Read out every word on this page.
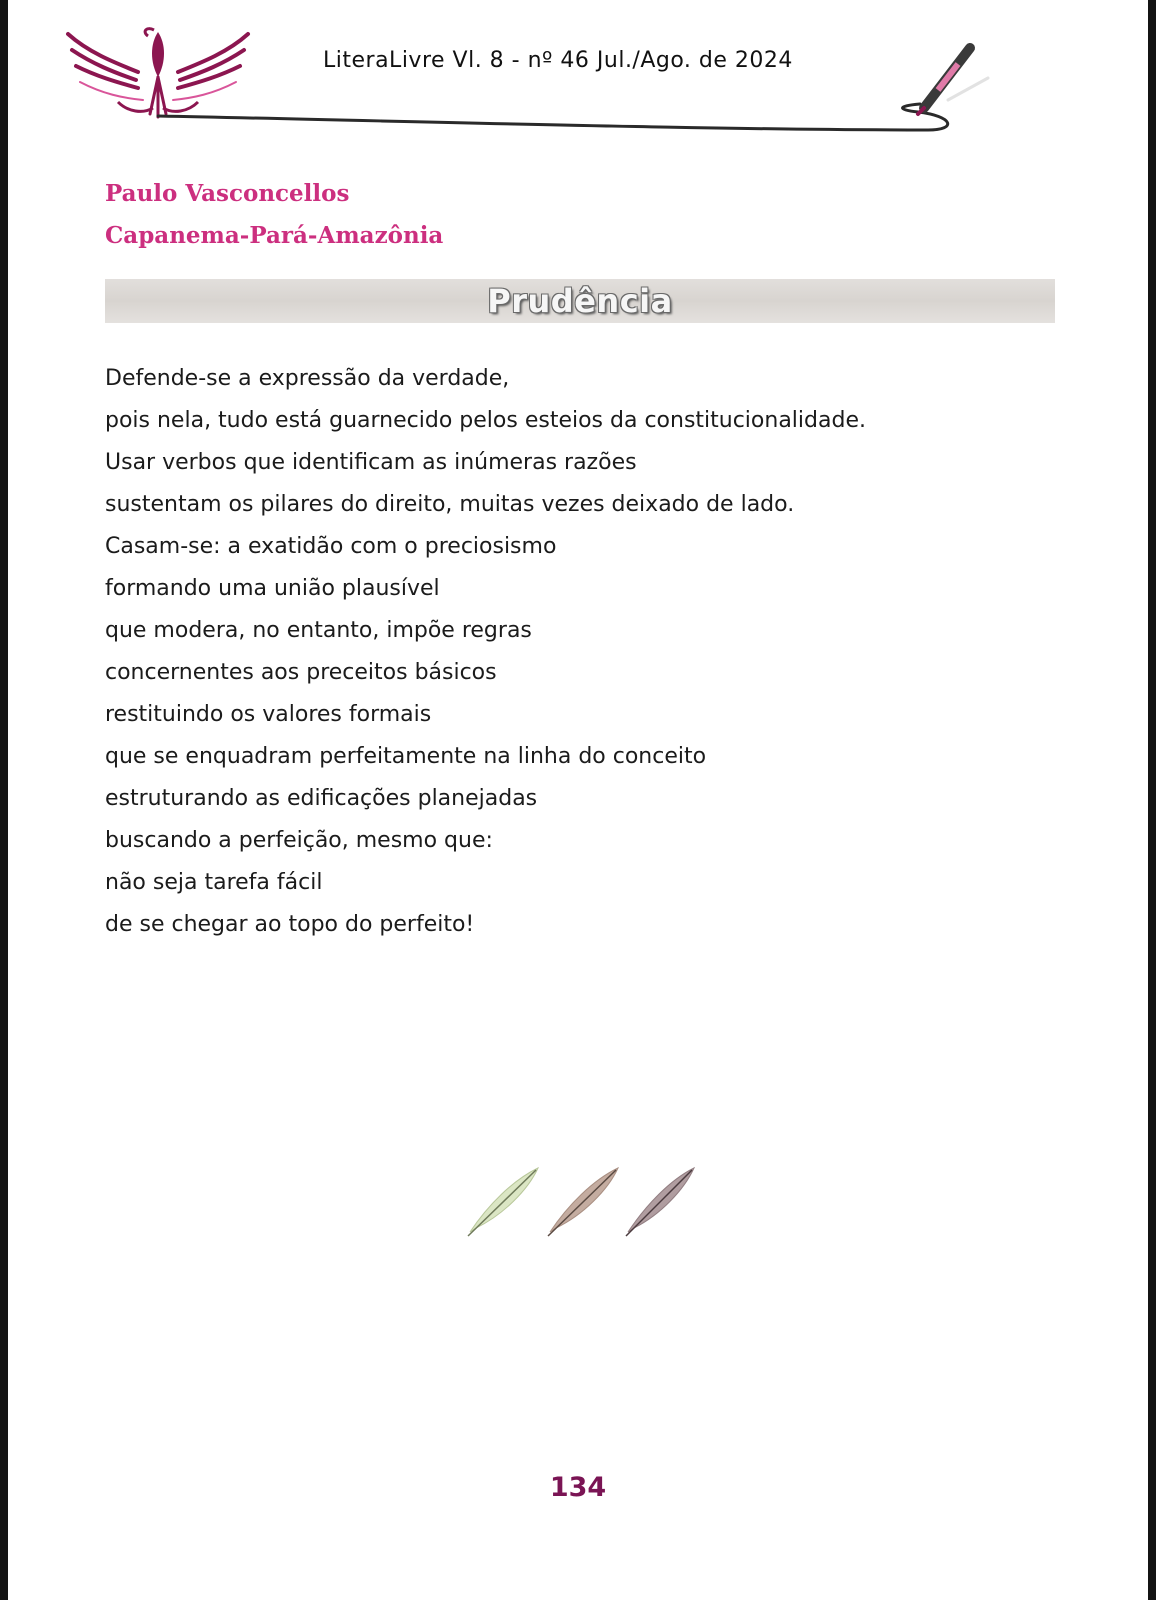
LiteraLivre Vl. 8 - nº 46 Jul./Ago. de 2024
Paulo Vasconcellos
Capanema-Pará-Amazônia
Prudência
Defende-se a expressão da verdade,
pois nela, tudo está guarnecido pelos esteios da constitucionalidade.
Usar verbos que identificam as inúmeras razões
sustentam os pilares do direito, muitas vezes deixado de lado.
Casam-se: a exatidão com o preciosismo
formando uma união plausível
que modera, no entanto, impõe regras
concernentes aos preceitos básicos
restituindo os valores formais
que se enquadram perfeitamente na linha do conceito
estruturando as edificações planejadas
buscando a perfeição, mesmo que:
não seja tarefa fácil
de se chegar ao topo do perfeito!
134
